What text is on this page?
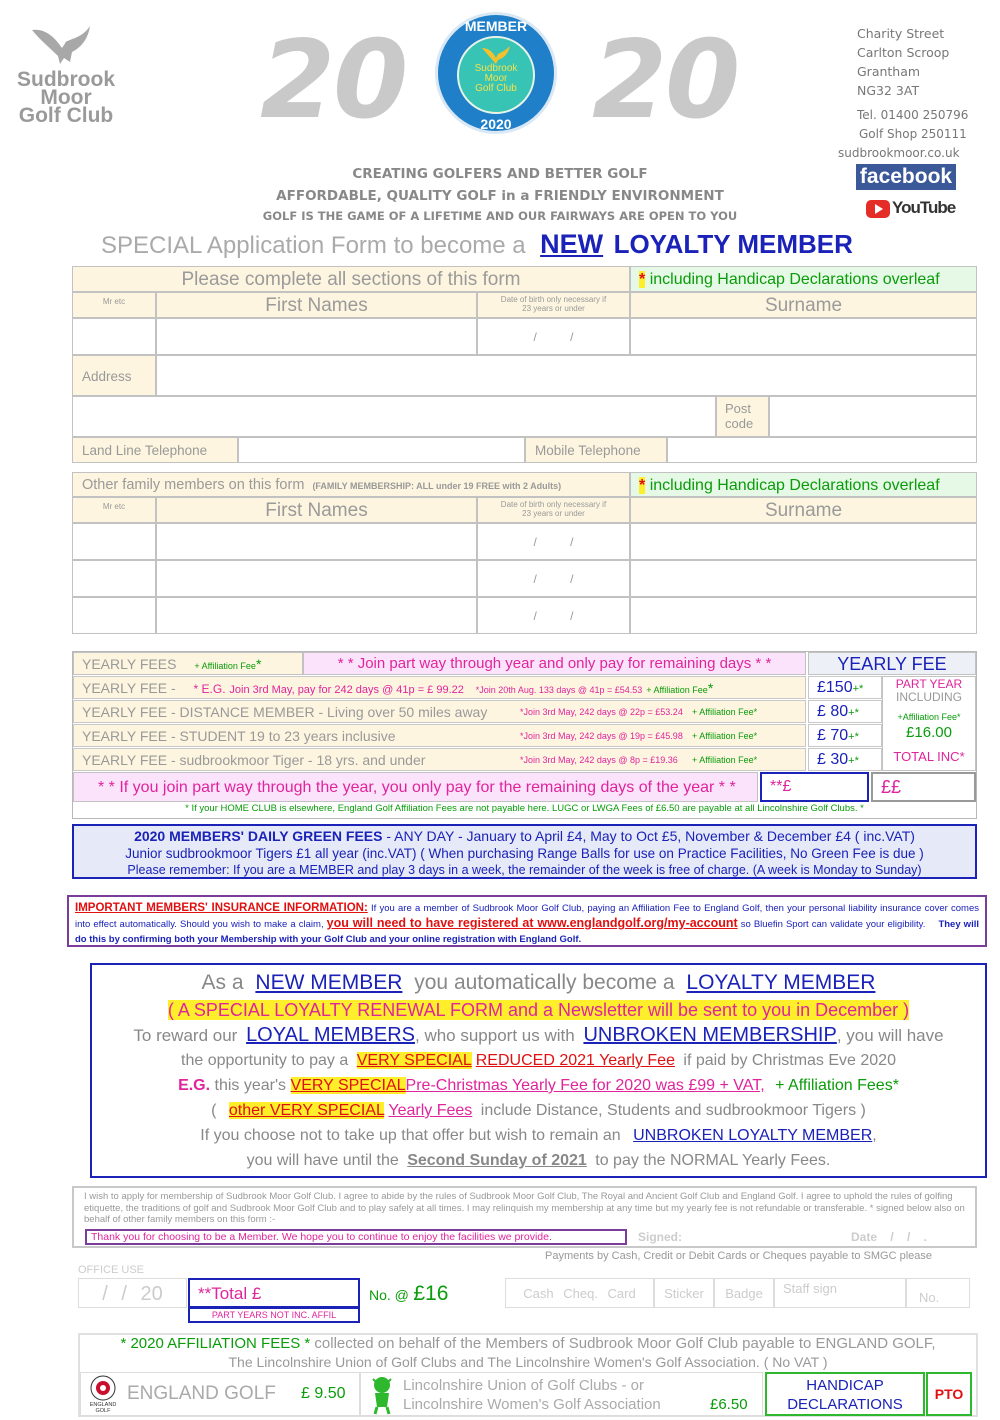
Sudbrook
Moor
Golf Club 20 20
MEMBER
Sudbrook
Moor
Golf Club
2020
Charity Street
Carlton Scroop
Grantham
NG32 3AT
Tel. 01400 250796
Golf Shop 250111
sudbrookmoor.co.uk
facebook
YouTube
CREATING GOLFERS AND BETTER GOLF
AFFORDABLE, QUALITY GOLF in a FRIENDLY ENVIRONMENT
GOLF IS THE GAME OF A LIFETIME AND OUR FAIRWAYS ARE OPEN TO YOU
SPECIAL Application Form to become a NEW LOYALTY MEMBER
Please complete all sections of this form	* including Handicap Declarations overleaf
Mr etc	First Names	Date of birth only necessary if 23 years or under	Surname
/ /
Address
Post code
Land Line Telephone	Mobile Telephone
Other family members on this form (FAMILY MEMBERSHIP: ALL under 19 FREE with 2 Adults)	* including Handicap Declarations overleaf
Mr etc	First Names	Date of birth only necessary if 23 years or under	Surname
/ /
/ /
/ /
YEARLY FEES + Affiliation Fee*	* * Join part way through year and only pay for remaining days * *	YEARLY FEE
YEARLY FEE - * E.G. Join 3rd May, pay for 242 days @ 41p = £ 99.22 *Join 20th Aug. 133 days @ 41p = £54.53 + Affiliation Fee*	£150+*
YEARLY FEE - DISTANCE MEMBER - Living over 50 miles away	*Join 3rd May, 242 days @ 22p = £53.24 + Affiliation Fee*	£ 80+*
YEARLY FEE - STUDENT 19 to 23 years inclusive	*Join 3rd May, 242 days @ 19p = £45.98 + Affiliation Fee*	£ 70+*
YEARLY FEE - sudbrookmoor Tiger - 18 yrs. and under	*Join 3rd May, 242 days @ 8p = £19.36 + Affiliation Fee*	£ 30+*
PART YEAR
INCLUDING
+Affiliation Fee*
£16.00
TOTAL INC*
* * If you join part way through the year, you only pay for the remaining days of the year * *	**£	££
* If your HOME CLUB is elsewhere, England Golf Affiliation Fees are not payable here. LUGC or LWGA Fees of £6.50 are payable at all Lincolnshire Golf Clubs. *
2020 MEMBERS' DAILY GREEN FEES - ANY DAY - January to April £4, May to Oct £5, November & December £4 ( inc.VAT)
Junior sudbrookmoor Tigers £1 all year (inc.VAT) ( When purchasing Range Balls for use on Practice Facilities, No Green Fee is due )
Please remember: If you are a MEMBER and play 3 days in a week, the remainder of the week is free of charge. (A week is Monday to Sunday)
IMPORTANT MEMBERS' INSURANCE INFORMATION: If you are a member of Sudbrook Moor Golf Club, paying an Affiliation Fee to England Golf, then your personal liability insurance cover comes into effect automatically. Should you wish to make a claim, you will need to have registered at www.englandgolf.org/my-account so Bluefin Sport can validate your eligibility. They will do this by confirming both your Membership with your Golf Club and your online registration with England Golf.
As a NEW MEMBER you automatically become a LOYALTY MEMBER
( A SPECIAL LOYALTY RENEWAL FORM and a Newsletter will be sent to you in December )
To reward our LOYAL MEMBERS, who support us with UNBROKEN MEMBERSHIP, you will have
the opportunity to pay a VERY SPECIAL REDUCED 2021 Yearly Fee if paid by Christmas Eve 2020
E.G. this year's VERY SPECIALPre-Christmas Yearly Fee for 2020 was £99 + VAT, + Affiliation Fees*
( other VERY SPECIAL Yearly Fees include Distance, Students and sudbrookmoor Tigers )
If you choose not to take up that offer but wish to remain an UNBROKEN LOYALTY MEMBER,
you will have until the Second Sunday of 2021 to pay the NORMAL Yearly Fees.
I wish to apply for membership of Sudbrook Moor Golf Club. I agree to abide by the rules of Sudbrook Moor Golf Club, The Royal and Ancient Golf Club and England Golf. I agree to uphold the rules of golfing etiquette, the traditions of golf and Sudbrook Moor Golf Club and to play safely at all times. I may relinquish my membership at any time but my yearly fee is not refundable or transferable. * signed below also on behalf of other family members on this form :-
Thank you for choosing to be a Member. We hope you to continue to enjoy the facilities we provide.	Signed:	Date / / .
Payments by Cash, Credit or Debit Cards or Cheques payable to SMGC please
OFFICE USE
/ / 20	**Total £
PART YEARS NOT INC. AFFIL
No. @ £16	Cash Cheq. Card	Sticker	Badge	Staff sign
No.
* 2020 AFFILIATION FEES * collected on behalf of the Members of Sudbrook Moor Golf Club payable to ENGLAND GOLF,
The Lincolnshire Union of Golf Clubs and The Lincolnshire Women's Golf Association. ( No VAT )
ENGLAND GOLF
ENGLAND GOLF £ 9.50	Lincolnshire Union of Golf Clubs - or
Lincolnshire Women's Golf Association	£6.50
HANDICAP
DECLARATIONS
PTO
